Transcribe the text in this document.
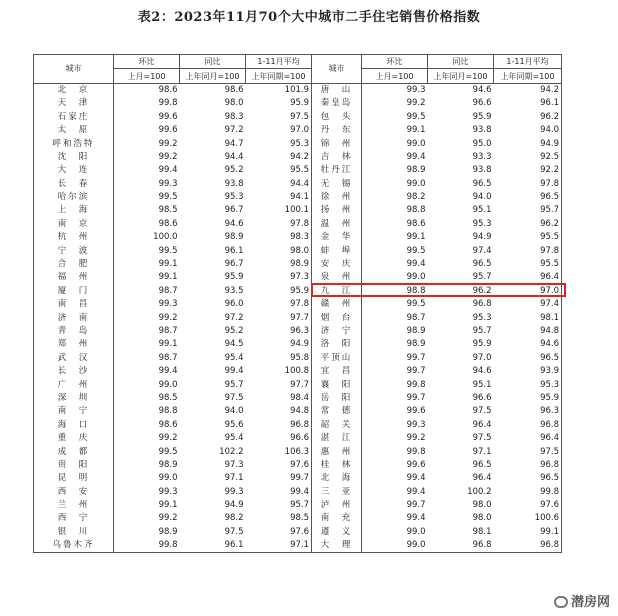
表2：2023年11月70个大中城市二手住宅销售价格指数
城市	环比	同比	1-11月平均	城市	环比	同比	1-11月平均
	上月=100	上年同月=100	上年同期=100		上月=100	上年同月=100	上年同期=100
北　京	98.6	98.6	101.9	唐　山	99.3	94.6	94.2
天　津	99.8	98.0	95.9	秦皇岛	99.2	96.6	96.1
石家庄	99.6	98.3	97.5	包　头	99.5	95.9	96.2
太　原	99.6	97.2	97.0	丹　东	99.1	93.8	94.0
呼和浩特	99.2	94.7	95.3	锦　州	99.0	95.0	94.9
沈　阳	99.2	94.4	94.2	吉　林	99.4	93.3	92.5
大　连	99.4	95.2	95.5	牡丹江	98.9	93.8	92.2
长　春	99.3	93.8	94.4	无　锡	99.0	96.5	97.8
哈尔滨	99.5	95.3	94.1	徐　州	98.2	94.0	96.5
上　海	98.5	96.7	100.1	扬　州	98.8	95.1	95.7
南　京	98.6	94.6	97.8	温　州	98.6	95.3	96.2
杭　州	100.0	98.9	98.3	金　华	99.1	94.9	95.5
宁　波	99.5	96.1	98.0	蚌　埠	99.5	97.4	97.8
合　肥	99.1	96.7	98.9	安　庆	99.4	96.5	95.5
福　州	99.1	95.9	97.3	泉　州	99.0	95.7	96.4
厦　门	98.7	93.5	95.9	九　江	98.8	96.2	97.0
南　昌	99.3	96.0	97.8	赣　州	99.5	96.8	97.4
济　南	99.2	97.2	97.7	烟　台	98.7	95.3	98.1
青　岛	98.7	95.2	96.3	济　宁	98.9	95.7	94.8
郑　州	99.1	94.5	94.9	洛　阳	98.9	95.9	94.6
武　汉	98.7	95.4	95.8	平顶山	99.7	97.0	96.5
长　沙	99.4	99.4	100.8	宜　昌	99.7	94.6	93.9
广　州	99.0	95.7	97.7	襄　阳	99.8	95.1	95.3
深　圳	98.5	97.5	98.4	岳　阳	99.7	96.6	95.9
南　宁	98.8	94.0	94.8	常　德	99.6	97.5	96.3
海　口	98.6	95.6	96.8	韶　关	99.3	96.4	96.8
重　庆	99.2	95.4	96.6	湛　江	99.2	97.5	96.4
成　都	99.5	102.2	106.3	惠　州	99.8	97.1	97.5
贵　阳	98.9	97.3	97.6	桂　林	99.6	96.5	96.8
昆　明	99.0	97.1	99.7	北　海	99.4	96.4	96.5
西　安	99.3	99.3	99.4	三　亚	99.4	100.2	99.8
兰　州	99.1	94.9	95.7	泸　州	99.7	98.0	97.6
西　宁	99.2	98.2	98.5	南　充	99.4	98.0	100.6
银　川	98.9	97.5	97.6	遵　义	99.0	98.1	99.1
乌鲁木齐	99.8	96.1	97.1	大　理	99.0	96.8	96.8
潜房网
